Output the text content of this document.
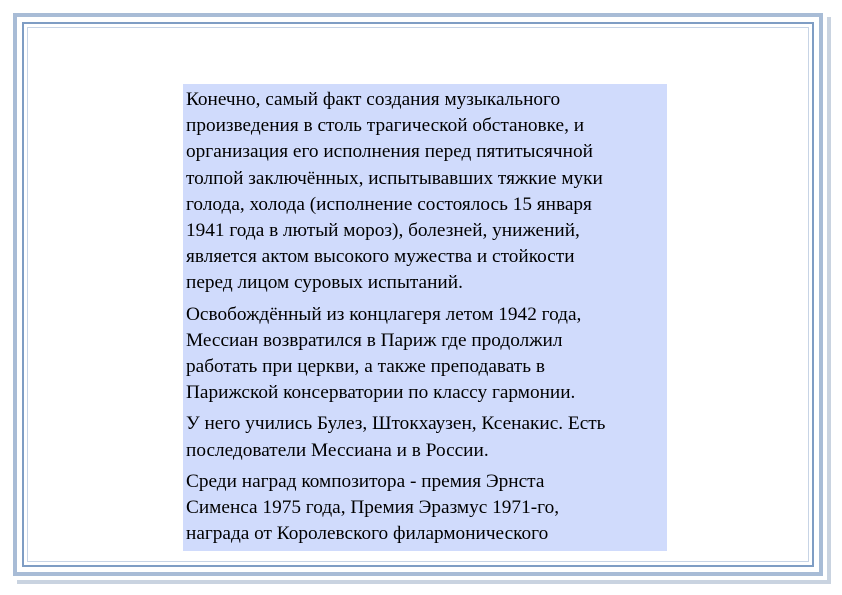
Конечно, самый факт создания музыкального
произведения в столь трагической обстановке, и
организация его исполнения перед пятитысячной
толпой заключённых, испытывавших тяжкие муки
голода, холода (исполнение состоялось 15 января
1941 года в лютый мороз), болезней, унижений,
является актом высокого мужества и стойкости
перед лицом суровых испытаний.

Освобождённый из концлагеря летом 1942 года,
Мессиан возвратился в Париж где продолжил
работать при церкви, а также преподавать в
Парижской консерватории по классу гармонии.

У него учились Булез, Штокхаузен, Ксенакис. Есть
последователи Мессиана и в России.

Среди наград композитора - премия Эрнста
Сименса 1975 года, Премия Эразмус 1971-го,
награда от Королевского филармонического
